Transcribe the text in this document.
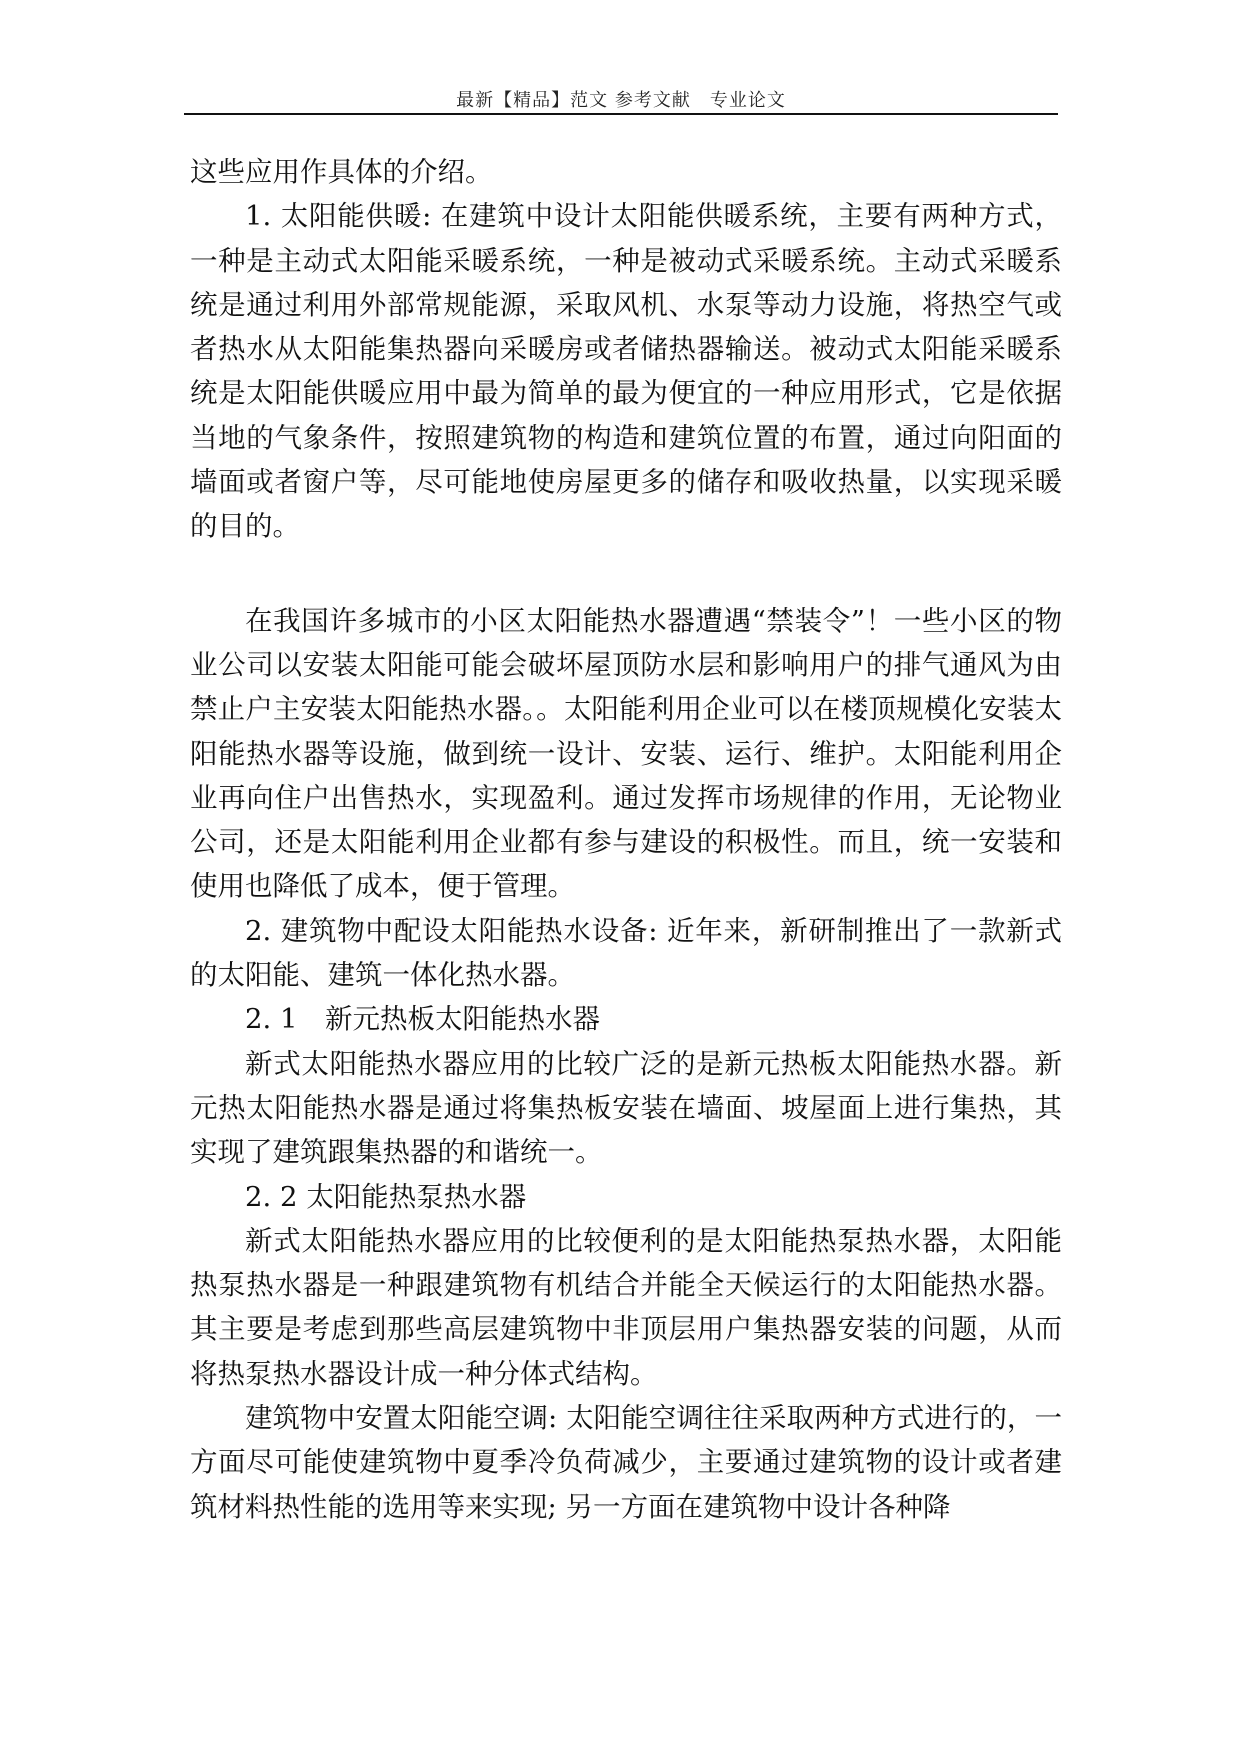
最新【精品】范文 参考文献　专业论文

这些应用作具体的介绍。

1. 太阳能供暖: 在建筑中设计太阳能供暖系统，主要有两种方式，一种是主动式太阳能采暖系统，一种是被动式采暖系统。主动式采暖系统是通过利用外部常规能源，采取风机、水泵等动力设施，将热空气或者热水从太阳能集热器向采暖房或者储热器输送。被动式太阳能采暖系统是太阳能供暖应用中最为简单的最为便宜的一种应用形式，它是依据当地的气象条件，按照建筑物的构造和建筑位置的布置，通过向阳面的墙面或者窗户等，尽可能地使房屋更多的储存和吸收热量，以实现采暖的目的。

在我国许多城市的小区太阳能热水器遭遇“禁装令”！一些小区的物业公司以安装太阳能可能会破坏屋顶防水层和影响用户的排气通风为由禁止户主安装太阳能热水器。。太阳能利用企业可以在楼顶规模化安装太阳能热水器等设施，做到统一设计、安装、运行、维护。太阳能利用企业再向住户出售热水，实现盈利。通过发挥市场规律的作用，无论物业公司，还是太阳能利用企业都有参与建设的积极性。而且，统一安装和使用也降低了成本，便于管理。

2. 建筑物中配设太阳能热水设备: 近年来，新研制推出了一款新式的太阳能、建筑一体化热水器。

2. 1　新元热板太阳能热水器

新式太阳能热水器应用的比较广泛的是新元热板太阳能热水器。新元热太阳能热水器是通过将集热板安装在墙面、坡屋面上进行集热，其实现了建筑跟集热器的和谐统一。

2. 2 太阳能热泵热水器

新式太阳能热水器应用的比较便利的是太阳能热泵热水器，太阳能热泵热水器是一种跟建筑物有机结合并能全天候运行的太阳能热水器。其主要是考虑到那些高层建筑物中非顶层用户集热器安装的问题，从而将热泵热水器设计成一种分体式结构。

建筑物中安置太阳能空调: 太阳能空调往往采取两种方式进行的，一方面尽可能使建筑物中夏季冷负荷减少，主要通过建筑物的设计或者建筑材料热性能的选用等来实现; 另一方面在建筑物中设计各种降
